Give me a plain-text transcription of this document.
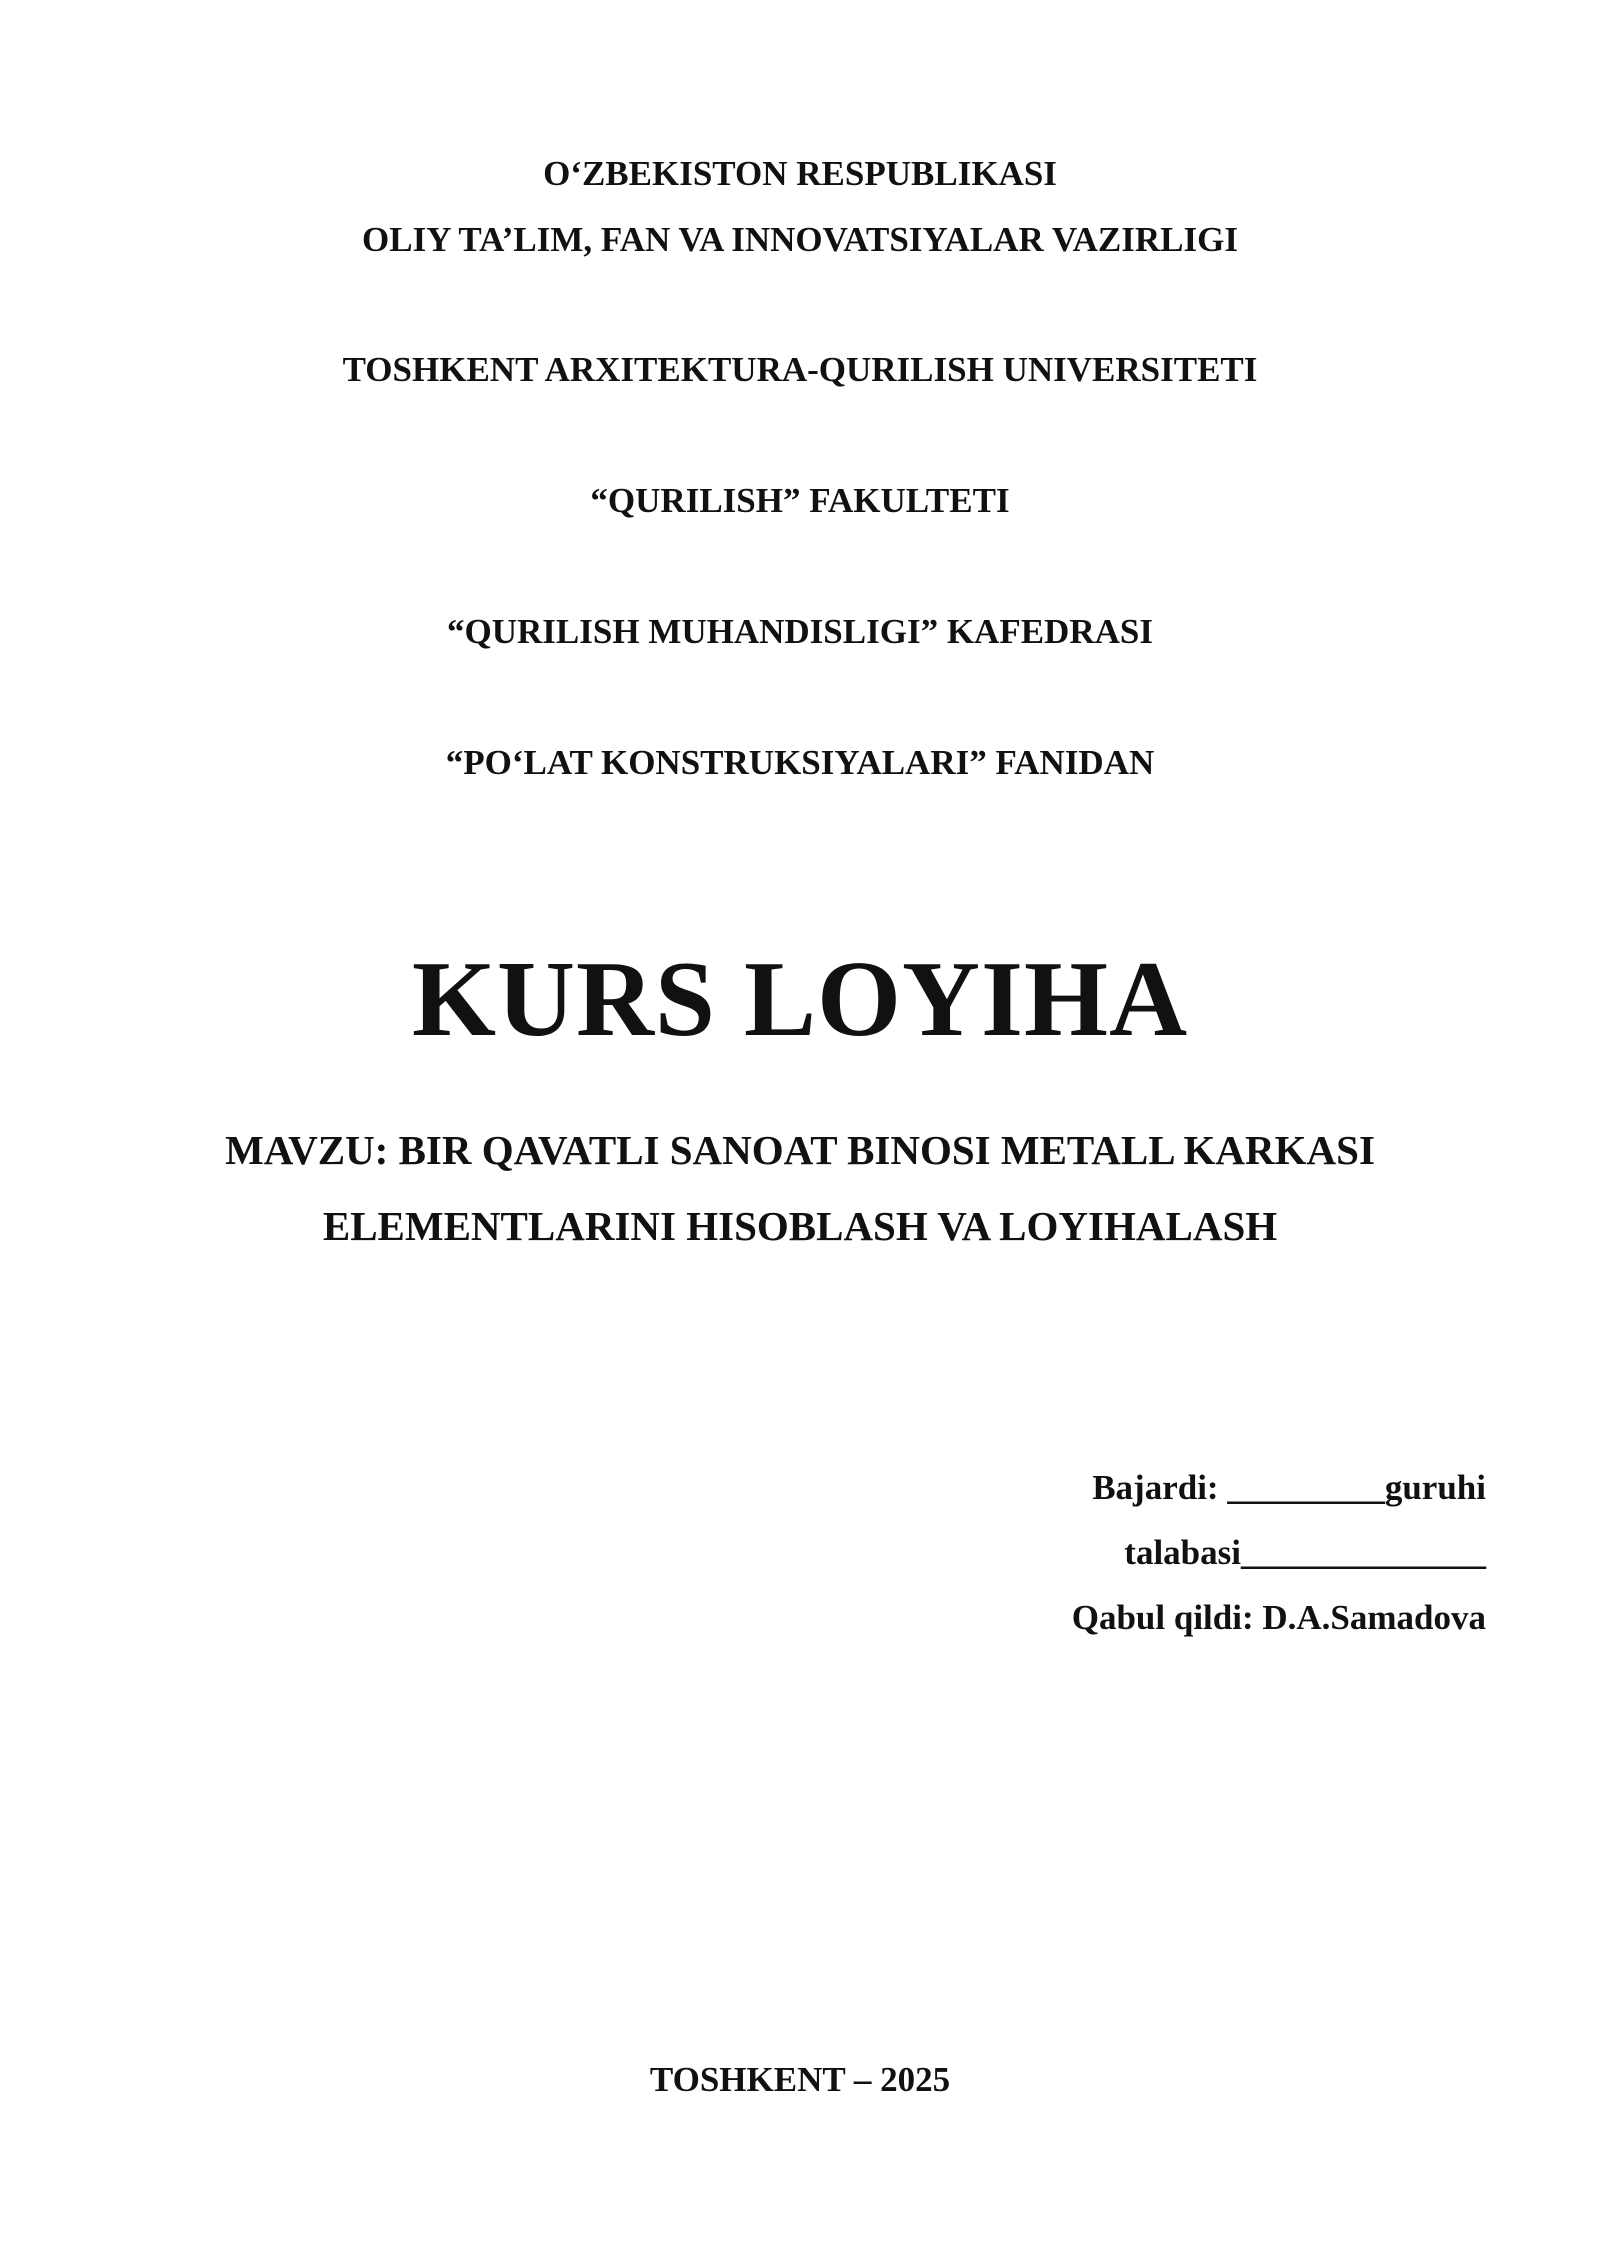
O‘ZBEKISTON RESPUBLIKASI
OLIY TA’LIM, FAN VA INNOVATSIYALAR VAZIRLIGI
TOSHKENT ARXITEKTURA-QURILISH UNIVERSITETI
“QURILISH” FAKULTETI
“QURILISH MUHANDISLIGI” KAFEDRASI
“PO‘LAT KONSTRUKSIYALARI” FANIDAN
KURS LOYIHA
MAVZU: BIR QAVATLI SANOAT BINOSI METALL KARKASI
ELEMENTLARINI HISOBLASH VA LOYIHALASH
Bajardi: _________guruhi
talabasi______________
Qabul qildi: D.A.Samadova
TOSHKENT – 2025
